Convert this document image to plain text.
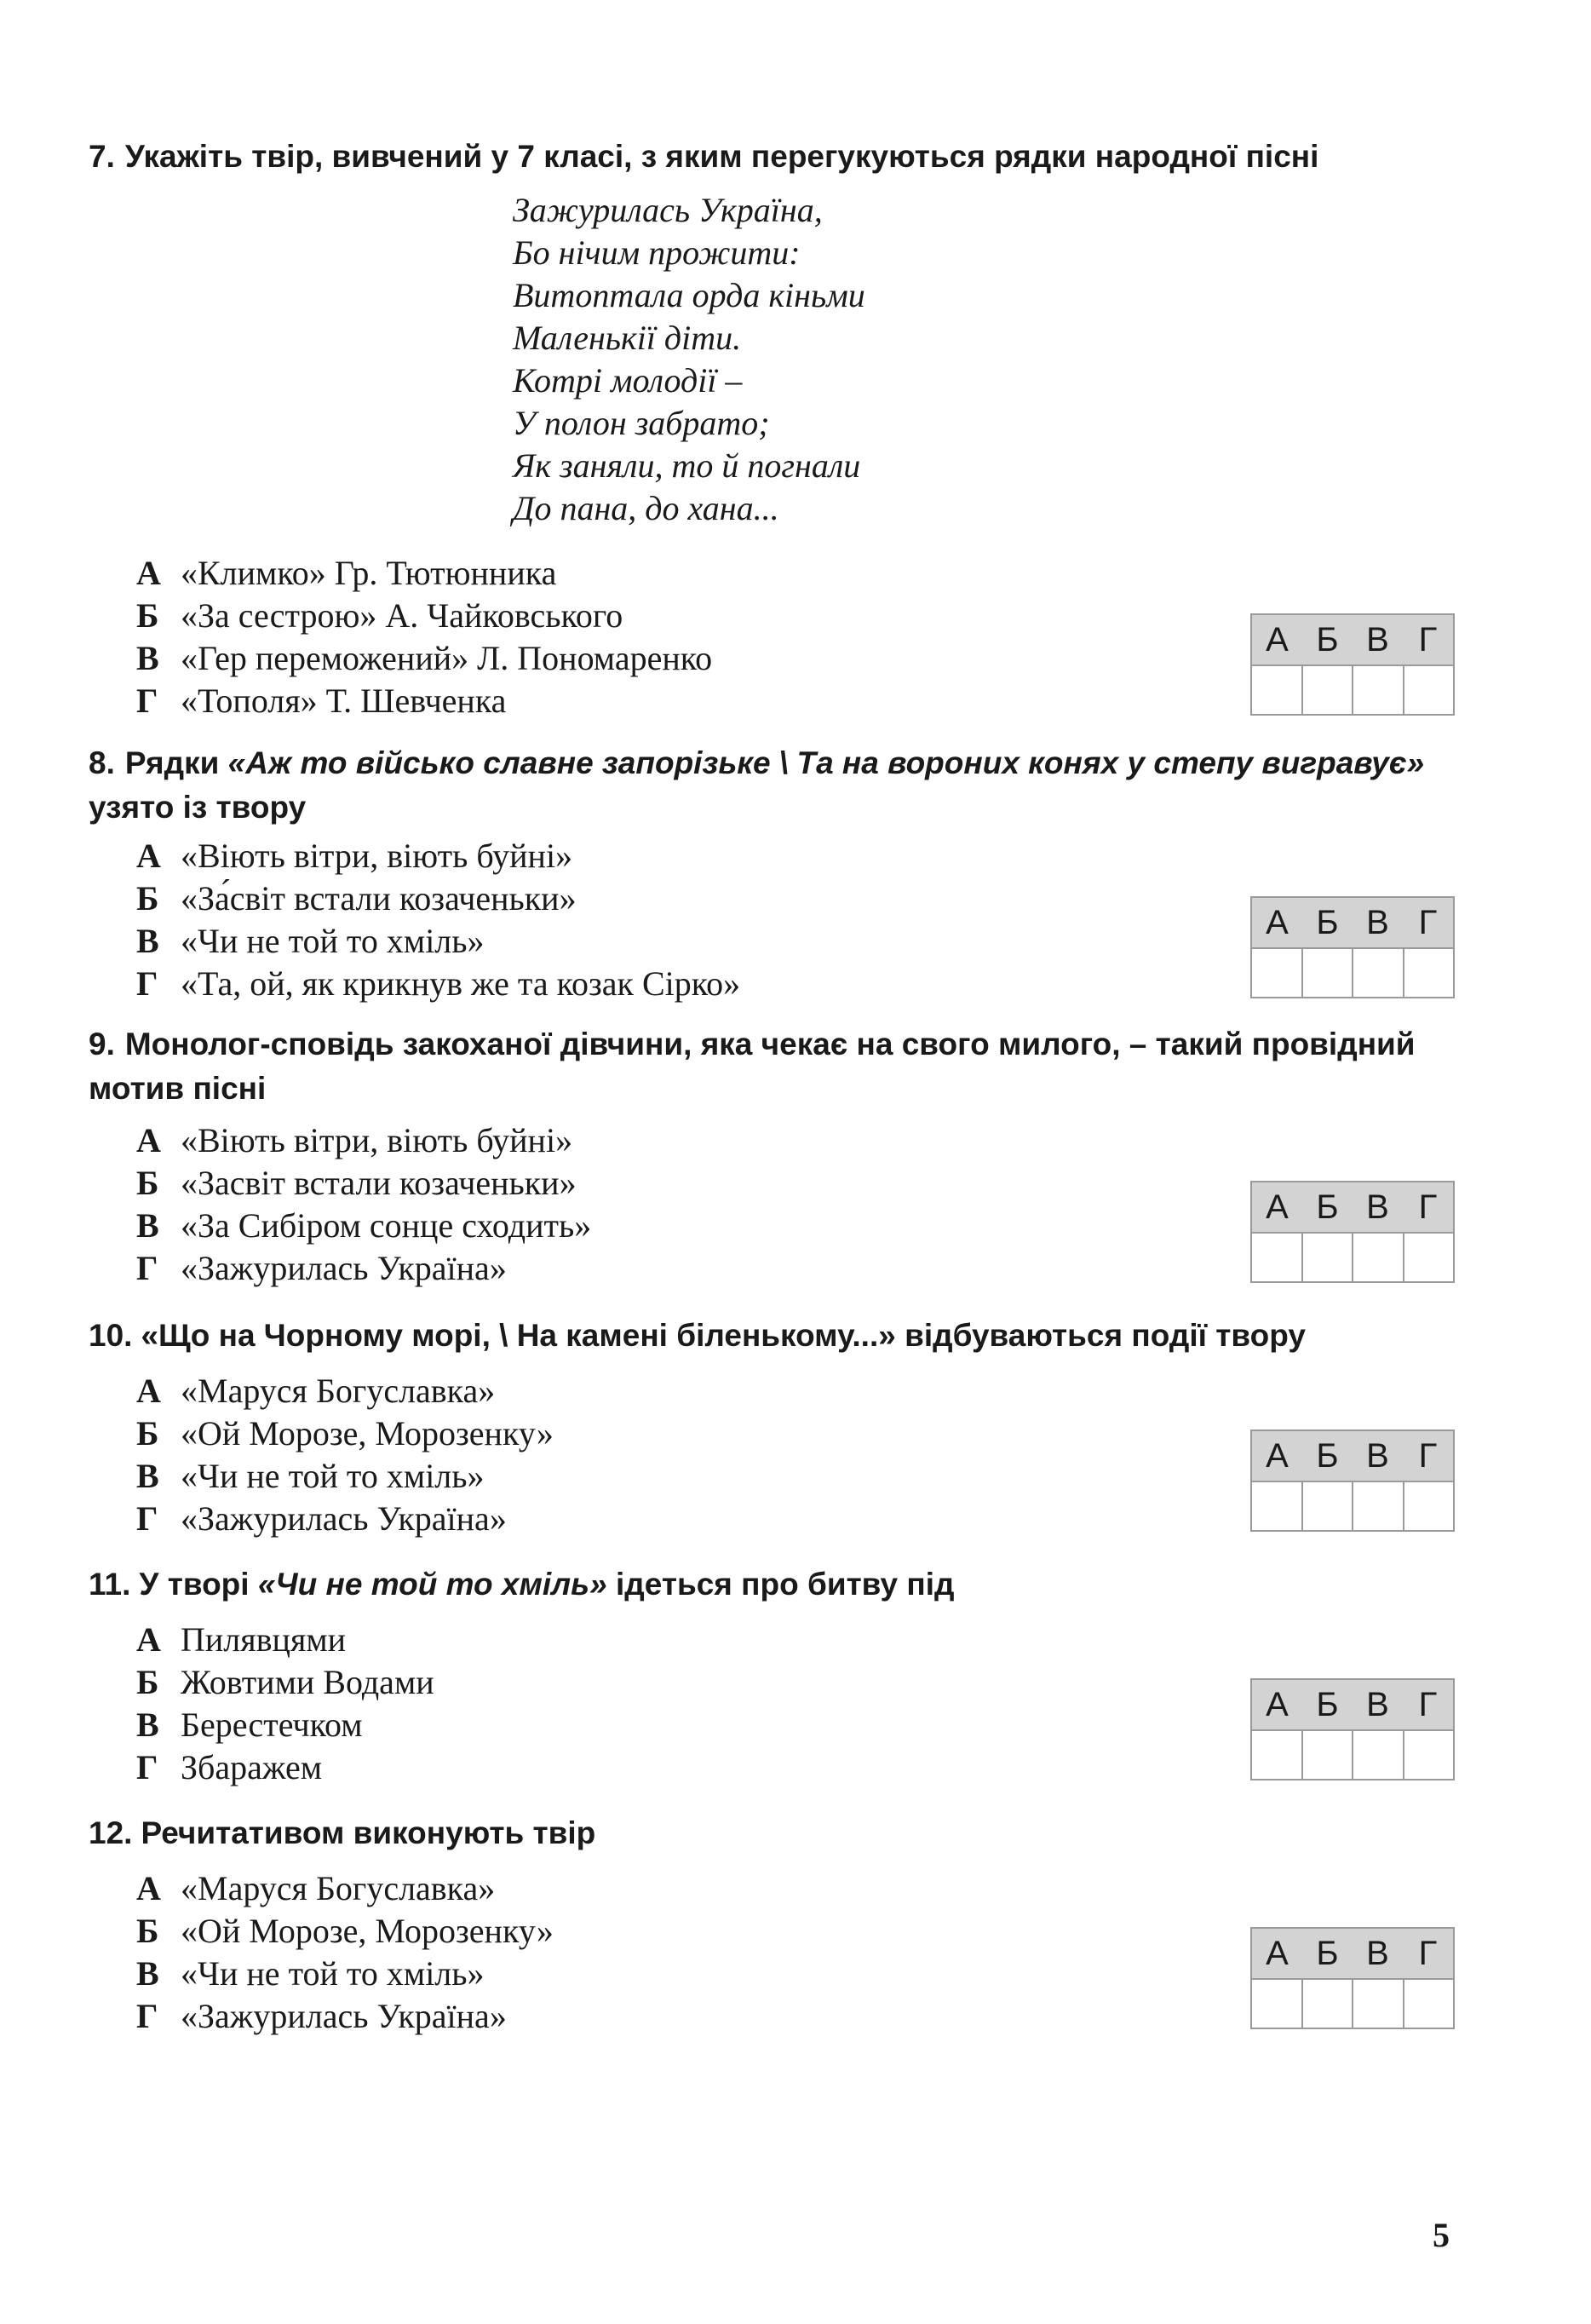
7. Укажіть твір, вивчений у 7 класі, з яким перегукуються рядки народної пісні
Зажурилась Україна,
Бо нічим прожити:
Витоптала орда кіньми
Маленькії діти.
Котрі молодії –
У полон забрато;
Як заняли, то й погнали
До пана, до хана...
А «Климко» Гр. Тютюнника
Б «За сестрою» А. Чайковського
В «Гер переможений» Л. Пономаренко
Г «Тополя» Т. Шевченка
А Б В Г
8. Рядки «Аж то військо славне запорізьке \ Та на вороних конях у степу вигравує» узято із твору
А «Віють вітри, віють буйні»
Б «За́світ встали козаченьки»
В «Чи не той то хміль»
Г «Та, ой, як крикнув же та козак Сірко»
А Б В Г
9. Монолог-сповідь закоханої дівчини, яка чекає на свого милого, – такий провідний мотив пісні
А «Віють вітри, віють буйні»
Б «Засвіт встали козаченьки»
В «За Сибіром сонце сходить»
Г «Зажурилась Україна»
А Б В Г
10. «Що на Чорному морі, \ На камені біленькому...» відбуваються події твору
А «Маруся Богуславка»
Б «Ой Морозе, Морозенку»
В «Чи не той то хміль»
Г «Зажурилась Україна»
А Б В Г
11. У творі «Чи не той то хміль» ідеться про битву під
А Пилявцями
Б Жовтими Водами
В Берестечком
Г Збаражем
А Б В Г
12. Речитативом виконують твір
А «Маруся Богуславка»
Б «Ой Морозе, Морозенку»
В «Чи не той то хміль»
Г «Зажурилась Україна»
А Б В Г
5
